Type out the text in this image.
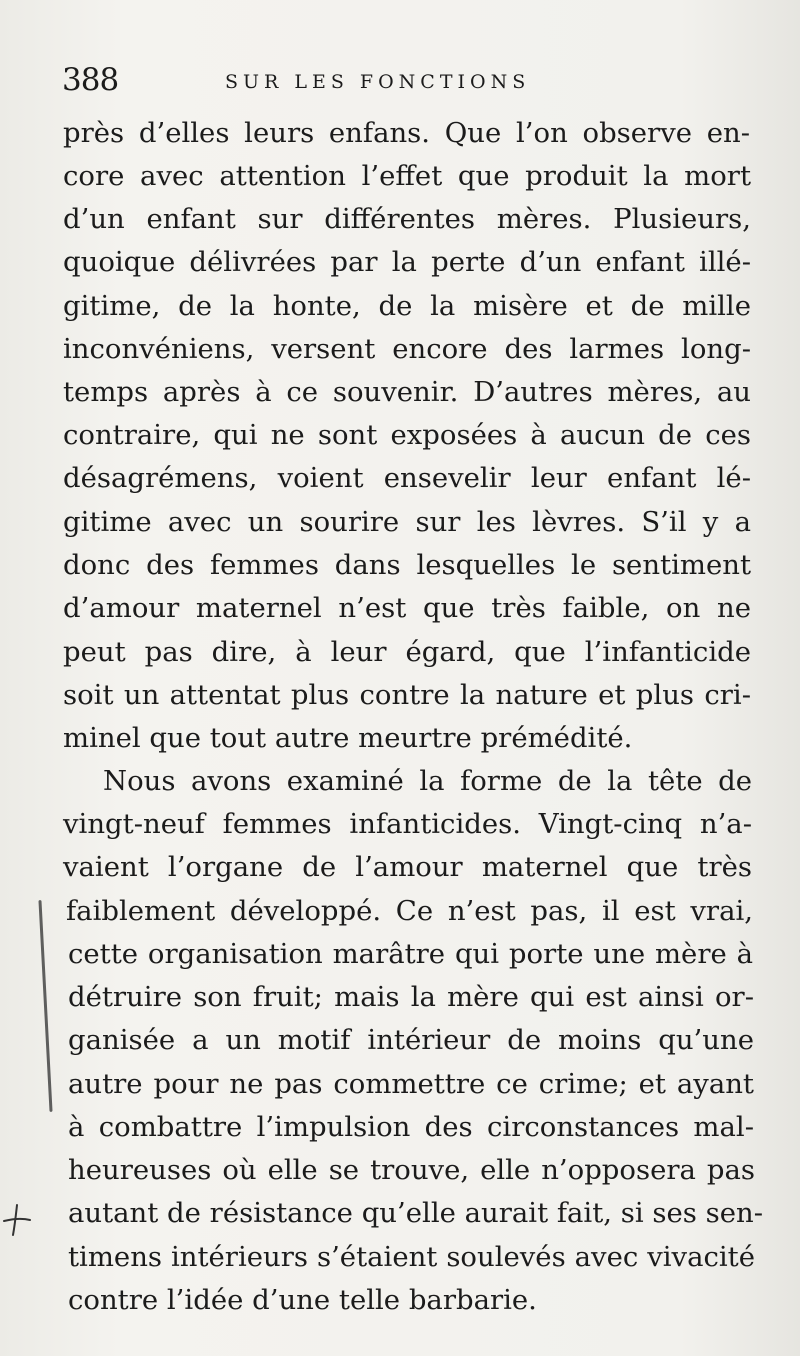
388	SUR LES FONCTIONS
près d’elles leurs enfans. Que l’on observe en-
core avec attention l’effet que produit la mort
d’un enfant sur différentes mères. Plusieurs,
quoique délivrées par la perte d’un enfant illé-
gitime, de la honte, de la misère et de mille
inconvéniens, versent encore des larmes long-
temps après à ce souvenir. D’autres mères, au
contraire, qui ne sont exposées à aucun de ces
désagrémens, voient ensevelir leur enfant lé-
gitime avec un sourire sur les lèvres. S’il y a
donc des femmes dans lesquelles le sentiment
d’amour maternel n’est que très faible, on ne
peut pas dire, à leur égard, que l’infanticide
soit un attentat plus contre la nature et plus cri-
minel que tout autre meurtre prémédité.
Nous avons examiné la forme de la tête de
vingt-neuf femmes infanticides. Vingt-cinq n’a-
vaient l’organe de l’amour maternel que très
faiblement développé. Ce n’est pas, il est vrai,
cette organisation marâtre qui porte une mère à
détruire son fruit; mais la mère qui est ainsi or-
ganisée a un motif intérieur de moins qu’une
autre pour ne pas commettre ce crime; et ayant
à combattre l’impulsion des circonstances mal-
heureuses où elle se trouve, elle n’opposera pas
autant de résistance qu’elle aurait fait, si ses sen-
timens intérieurs s’étaient soulevés avec vivacité
contre l’idée d’une telle barbarie.
